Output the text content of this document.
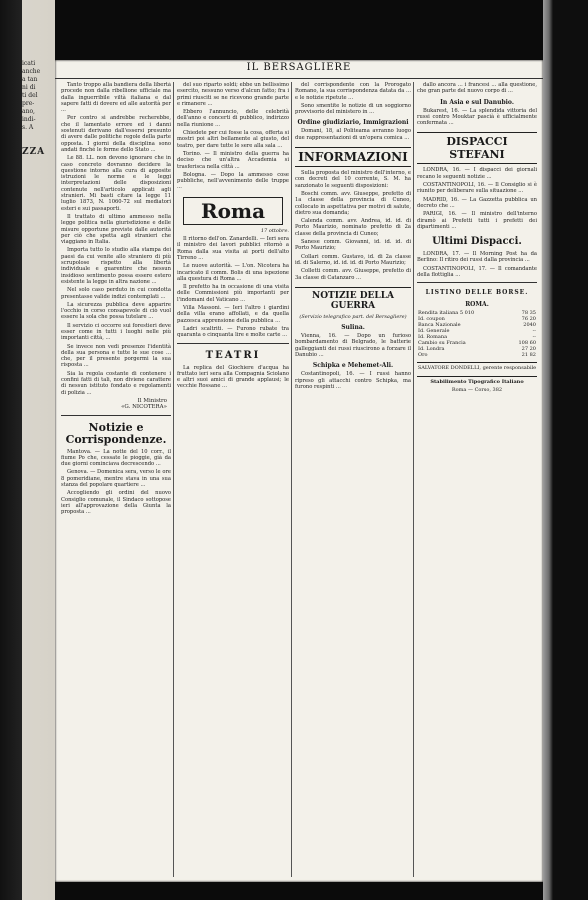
icati
anche
a tan
ni di
ti del
pre-
ano,
indi-
s. A
ZZA
IL BERSAGLIERE

Tanto troppo alla bandiera della libertà procede non dalla ribellione ufficiale ma dalla inguerribile viltà italiana e dal sapere fatti di dovere ed alle autorità per ...

Per contro si andrebbe recherebbe, che il lamentato errore ed i danni sostenuti derivano dall'essersi presunto di avere dalle politiche regole della parte opposta. I giorni della disciplina sono andati finché le forme dello Stato ...

Le 88. LL. non devono ignorare che in caso concreto dovranno decidere la questione intorno alla cura di apposite istruzioni le norme e le leggi interpretazioni delle disposizioni contenute nell'articolo applicati agli stranieri. Mi basti citare la legge 11 luglio 1873, N. 1060-72 sul mediatori esteri e sui passaporti.

Il trattato di ultimo ammesso nella legge politica nella giurisdizione e delle misure opportune previste dalle autorità per ciò che spetta agli stranieri che viaggiano in Italia.

Importa tutto lo studio alla stampa dei paesi da cui venite allo straniero di più scrupolose rispetto alla libertà individuale e guarentire che nessun insidioso sentimento possa essere estero esistente la legge in altra nazione ...

Nel solo caso perduto in cui condotta presentasse valide indizi contemplati ...

La sicurezza pubblica deve apparire l'occhio in corso consapevole di ciò vuol essere la sola che possa tutelare ...

Il servizio ci occorre sui forestieri deve esser come in tutti i luoghi nelle più importanti città, ...

Se invece non vedi presenze l'identità della sua persona e tutte le sue cose ... che, per il presente porgermi la sua risposta ...

Sia la regola costante di contenere i confini fatti di tali, non diviene carattere di nessun istituto fondato e regolamenti di polizia ...

Il Ministro
«G. NICOTERA»
Notizie e Corrispondenze.

Mantova. — La notte del 10 corr., il fiume Po che, cessate le pioggie, già da due giorni cominciava decrescendo ...

Genova. — Domenica sera, verso le ore 8 pomeridiane, mentre stava in una sua stanza del popolare quartiere ...

Accogliendo gli ordini del nuovo Consiglio comunale, il Sindaco sottopose ieri all'approvazione della Giunta la proposta ...

del suo riparto soldi; ebbe un bellissimo esercito, nessuno verso d'alcun fatto; fra i primi riusciti se ne ricevono grande parte e rimanere ...

Ebbero l'annuncio, delle celebrità dell'anno e concerti di pubblico, indirizzo nella riunione ...

Chiedete per cui fosse la cosa, offerta si mostri poi altri bellamente al giusto, del teatro, per dare tutte le sere alla sala ...

Torino. — Il ministro della guerra ha deciso che un'altra Accademia si trasferisca nella città ...

Bologna. — Dopo la ammesso cose pubbliche, nell'avvenimento delle truppe ...

Roma
17 ottobre.

Il ritorno dell'on. Zanardelli. — Ieri sera il ministro dei lavori pubblici ritornò a Roma dalla sua visita ai porti dell'alto Tirreno ...

Le nuove autorità. — L'on. Nicotera ha incaricato il comm. Bolis di una ispezione alla questura di Roma ...

Il prefetto ha in occasione di una visita delle Commissioni più importanti per l'indomani del Vaticano ...

Villa Massoni. — Ieri l'altro i giardini della villa erano affollati, e da quella pazzesca apprensione della pubblica ...

Ladri scaltriti. — Furono rubate tra quaranta o cinquanta lire e molte carte ...

TEATRI

La replica del Giochiere d'acqua ha fruttato ieri sera alla Compagnia Sciolano e altri suoi amici di grande applausi; le vecchie Rossane ...

del corrispondente con la Prorogato Romano, la sua corrispondenza datata da ... e le notizie ripetute ...

Sono smentite le notizie di un soggiorno provvisorio del ministero in ...

Ordine giudiziario, Immigrazioni

Domani, 18, al Politeama avranno luogo due rappresentazioni di un'opera comica ...

INFORMAZIONI

Sulla proposta del ministro dell'interno, e con decreti del 10 corrente, S. M. ha sanzionato le seguenti disposizioni:

Boschi comm. avv. Giuseppe, prefetto di 1a classe della provincia di Cuneo, collocato in aspettativa per motivi di salute, dietro sua domanda;

Calenda comm. avv. Andrea, id. id. di Porto Maurizio, nominato prefetto di 2a classe della provincia di Cuneo;

Sanese comm. Giovanni, id. id. id. di Porto Maurizio;

Collari comm. Gustavo, id. di 2a classe id. di Salerno, id. id. id. di Porto Maurizio;

Colletti comm. avv. Giuseppe, prefetto di 3a classe di Catanzaro ...

NOTIZIE DELLA GUERRA
(Servizio telegrafico part. del Bersagliere)
Sulina.

Vienna, 16. — Dopo un furioso bombardamento di Belgrado, le batterie galleggianti dei russi riuscirono a forzare il Danubio ...

Schipka e Mehemet-Ali.

Costantinopoli, 16. — I russi hanno ripreso gli attacchi contro Schipka, ma furono respinti ...

dallo ancora ... i francesi ... alla questione, che gran parte del nuovo corpo di ...

In Asia e sul Danubio.

Bukarest, 16. — La splendida vittoria del russi contro Mouktar pascià è ufficialmente confermata ...

DISPACCI STEFANI

LONDRA, 16. — I dispacci dei giornali recano le seguenti notizie ...

COSTANTINOPOLI, 16. — Il Consiglio si è riunito per deliberare sulla situazione ...

MADRID, 16. — La Gazzetta pubblica un decreto che ...

PARIGI, 16. — Il ministro dell'interno diramò ai Prefetti tutti i prefetti dei dipartimenti ...

Ultimi Dispacci.

LONDRA, 17. — Il Morning Post ha da Berlino: Il ritiro dei russi dalla provincia ...

COSTANTINOPOLI, 17. — Il comandante della flottiglia ...

LISTINO DELLE BORSE.
ROMA.
Rendita italiana 5 010	78 35
Id. coupon	76 20
Banca Nazionale	2040
Id. Generale	--
Id. Romana	--
Cambio su Francia	108 60
Id. Londra	27 20
Oro	21 82
SALVATORE DONDELLI, gerente responsabile
Stabilimento Tipografico Italiano
Roma — Corso, 382
